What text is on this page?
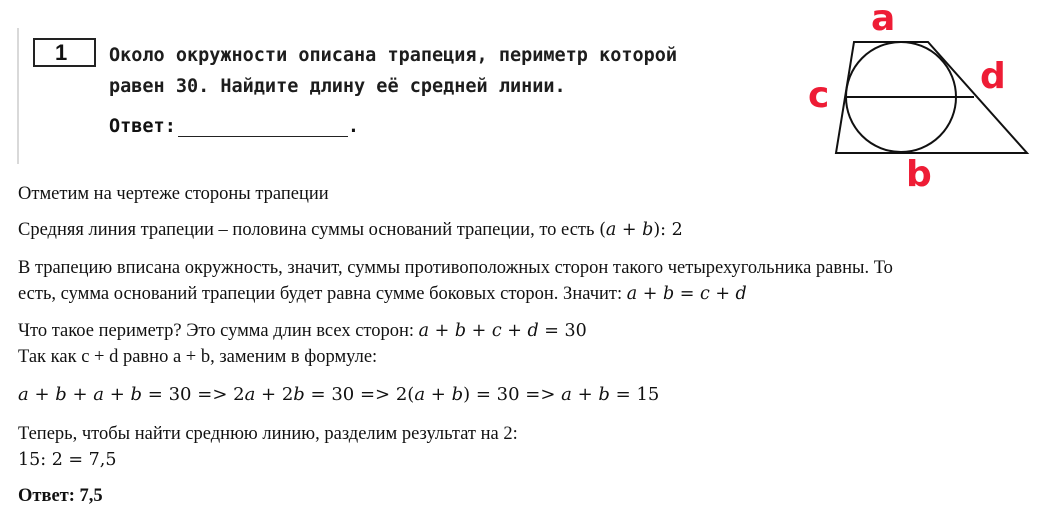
1 Около окружности описана трапеция, периметр которой
равен 30. Найдите длину её средней линии.
Ответ:	.
a
b
c	d
Отметим на чертеже стороны трапеции
Средняя линия трапеции – половина суммы оснований трапеции, то есть (𝑎 + 𝑏): 2
В трапецию вписана окружность, значит, суммы противоположных сторон такого четырехугольника равны. То
есть, сумма оснований трапеции будет равна сумме боковых сторон. Значит: 𝑎 + 𝑏 = 𝑐 + 𝑑
Что такое периметр? Это сумма длин всех сторон: 𝑎 + 𝑏 + 𝑐 + 𝑑 = 30
Так как c + d равно a + b, заменим в формуле:
𝑎 + 𝑏 + 𝑎 + 𝑏 = 30 => 2𝑎 + 2𝑏 = 30 => 2(𝑎 + 𝑏) = 30 => 𝑎 + 𝑏 = 15
Теперь, чтобы найти среднюю линию, разделим результат на 2:
15: 2 = 7,5
Ответ: 7,5
